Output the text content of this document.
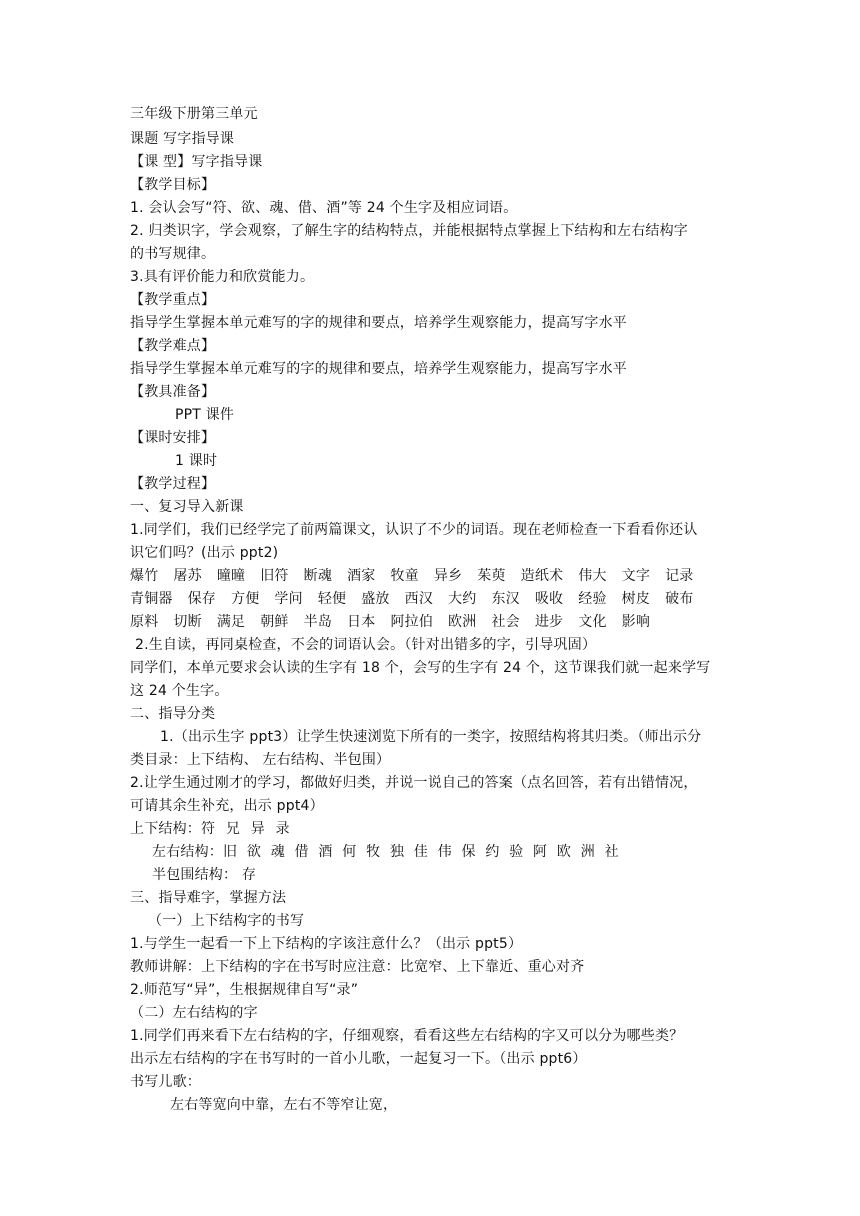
三年级下册第三单元
课题 写字指导课
【课 型】写字指导课
【教学目标】
1. 会认会写“符、欲、魂、借、酒”等 24 个生字及相应词语。
2. 归类识字，学会观察，了解生字的结构特点，并能根据特点掌握上下结构和左右结构字
的书写规律。
3.具有评价能力和欣赏能力。
【教学重点】
指导学生掌握本单元难写的字的规律和要点，培养学生观察能力，提高写字水平
【教学难点】
指导学生掌握本单元难写的字的规律和要点，培养学生观察能力，提高写字水平
【教具准备】
PPT 课件
【课时安排】
1 课时
【教学过程】
一、复习导入新课
1.同学们，我们已经学完了前两篇课文，认识了不少的词语。现在老师检查一下看看你还认
识它们吗？(出示 ppt2)
爆竹 屠苏 曈曈 旧符 断魂 酒家 牧童 异乡 茱萸 造纸术 伟大 文字 记录
青铜器 保存 方便 学问 轻便 盛放 西汉 大约 东汉 吸收 经验 树皮 破布
原料 切断 满足 朝鲜 半岛 日本 阿拉伯 欧洲 社会 进步 文化 影响
2.生自读，再同桌检查，不会的词语认会。（针对出错多的字，引导巩固）
同学们，本单元要求会认读的生字有 18 个，会写的生字有 24 个，这节课我们就一起来学写
这 24 个生字。
二、指导分类
1.（出示生字 ppt3）让学生快速浏览下所有的一类字，按照结构将其归类。（师出示分
类目录：上下结构、 左右结构、半包围）
2.让学生通过刚才的学习，都做好归类，并说一说自己的答案（点名回答，若有出错情况，
可请其余生补充，出示 ppt4）
上下结构：符 兄 异 录
左右结构：旧 欲 魂 借 酒 何 牧 独 佳 伟 保 约 验 阿 欧 洲 社
半包围结构： 存
三、指导难字，掌握方法
（一）上下结构字的书写
1.与学生一起看一下上下结构的字该注意什么？（出示 ppt5）
教师讲解：上下结构的字在书写时应注意：比宽窄、上下靠近、重心对齐
2.师范写“异”，生根据规律自写“录”
（二）左右结构的字
1.同学们再来看下左右结构的字，仔细观察，看看这些左右结构的字又可以分为哪些类？
出示左右结构的字在书写时的一首小儿歌，一起复习一下。（出示 ppt6）
书写儿歌：
左右等宽向中靠，左右不等窄让宽，
